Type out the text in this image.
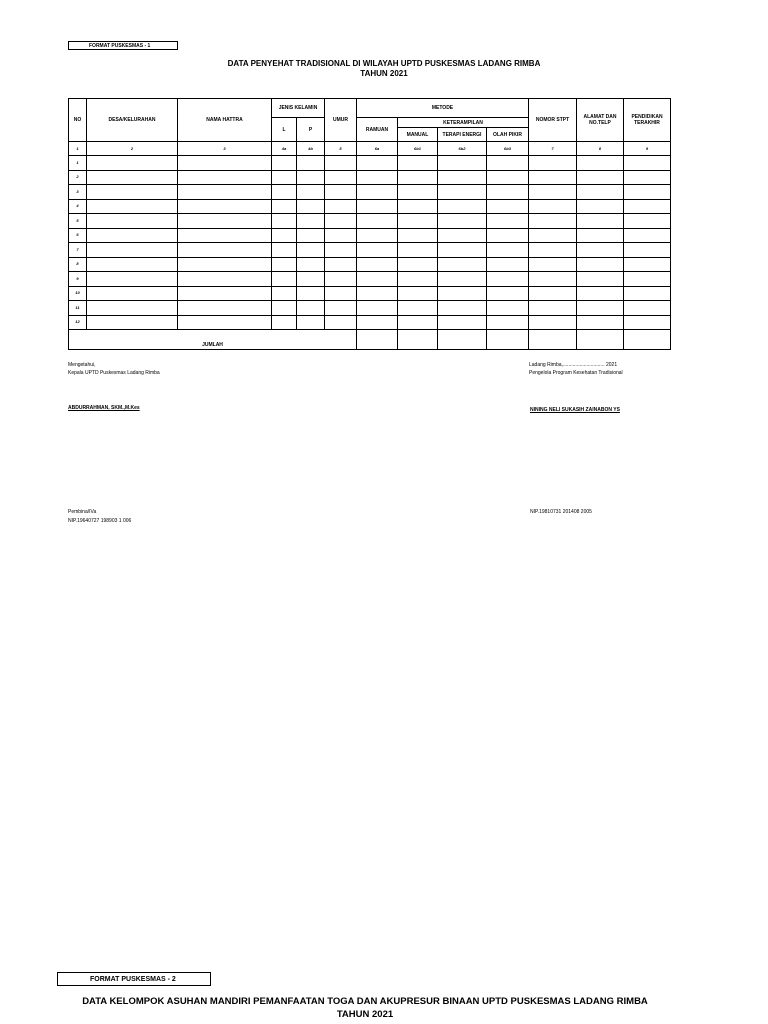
FORMAT PUSKESMAS - 1
DATA PENYEHAT TRADISIONAL DI WILAYAH UPTD PUSKESMAS LADANG RIMBA
TAHUN 2021
NO	DESA/KELURAHAN	NAMA HATTRA	JENIS KELAMIN		UMUR	METODE				NOMOR STPT	ALAMAT DAN NO.TELP	PENDIDIKAN TERAKHIR
			L	P		RAMUAN	KETERAMPILAN					
							MANUAL	TERAPI ENERGI	OLAH PIKIR			
1	2	3	4a	4b	5	6a	6b1	6b2	6b3	7	8	9
1												
2												
3												
4												
5												
6												
7												
8												
9												
10												
11												
12												
JUMLAH												
Mengetahui,
Kepala UPTD Puskesmas Ladang Rimba
ABDURRAHMAN, SKM.,M.Kes
Pembina/IVa
NIP.19640727 198903 1 006
Ladang Rimba,.............................. 2021
Pengelola Program Kesehatan Tradisional
NINING NELI SUKASIH ZAINABON YS
NIP.19810731 201408 2005
FORMAT PUSKESMAS - 2
DATA KELOMPOK ASUHAN MANDIRI PEMANFAATAN TOGA DAN AKUPRESUR BINAAN UPTD PUSKESMAS LADANG RIMBA
TAHUN 2021
